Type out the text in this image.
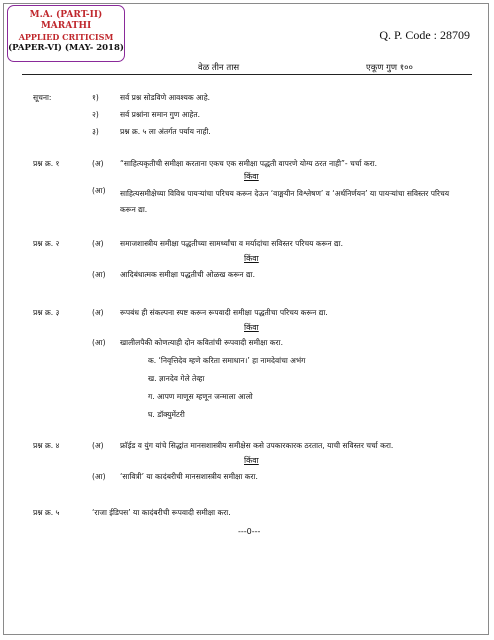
M.A. (PART-II)
MARATHI
APPLIED CRITICISM
(PAPER-VI) (MAY- 2018)
Q. P. Code : 28709
वेळ तीन तास	एकूण गुण १००
सूचना:	१)	सर्व प्रश्न सोडविणे आवश्यक आहे.
२)	सर्व प्रश्नांना समान गुण आहेत.
३)	प्रश्न क्र. ५ ला अंतर्गत पर्याय नाही.
प्रश्न क्र. १	(अ) “साहित्यकृतीची समीक्षा करताना एकच एक समीक्षा पद्धती वापरणे योग्य ठरत नाही”- चर्चा करा.
किंवा
(आ) साहित्यसमीक्षेच्या विविध पायऱ्यांचा परिचय करून देऊन ‘वाङ्मयीन विश्लेषण’ व ‘अर्थनिर्णयन’ या पायऱ्यांचा सविस्तर परिचय करून द्या.
प्रश्न क्र. २	(अ) समाजशास्त्रीय समीक्षा पद्धतीच्या सामर्थ्यांचा व मर्यादांचा सविस्तर परिचय करून द्या.
किंवा
(आ) आदिबंधात्मक समीक्षा पद्धतीची ओळख करून द्या.
प्रश्न क्र. ३	(अ) रूपबंध ही संकल्पना स्पष्ट करून रूपवादी समीक्षा पद्धतीचा परिचय करून द्या.
किंवा
(आ) खालीलपैकी कोणत्याही दोन कवितांची रूपवादी समीक्षा करा.
क. ‘निवृत्तिदेव म्हणे करिता समाधान।’ हा नामदेवांचा अभंग
ख. ज्ञानदेव गेले तेव्हा
ग. आपण माणूस म्हणून जन्माला आलो
घ. डॉक्युमेंटरी
प्रश्न क्र. ४	(अ) फ्रॉईड व युंग यांचे सिद्धांत मानसशास्त्रीय समीक्षेस कसे उपकारकारक ठरतात, याची सविस्तर चर्चा करा.
किंवा
(आ) ‘सावित्री’ या कादंबरीची मानसशास्त्रीय समीक्षा करा.
प्रश्न क्र. ५	‘राजा ईडिपस’ या कादंबरीची रूपवादी समीक्षा करा.
---0---
